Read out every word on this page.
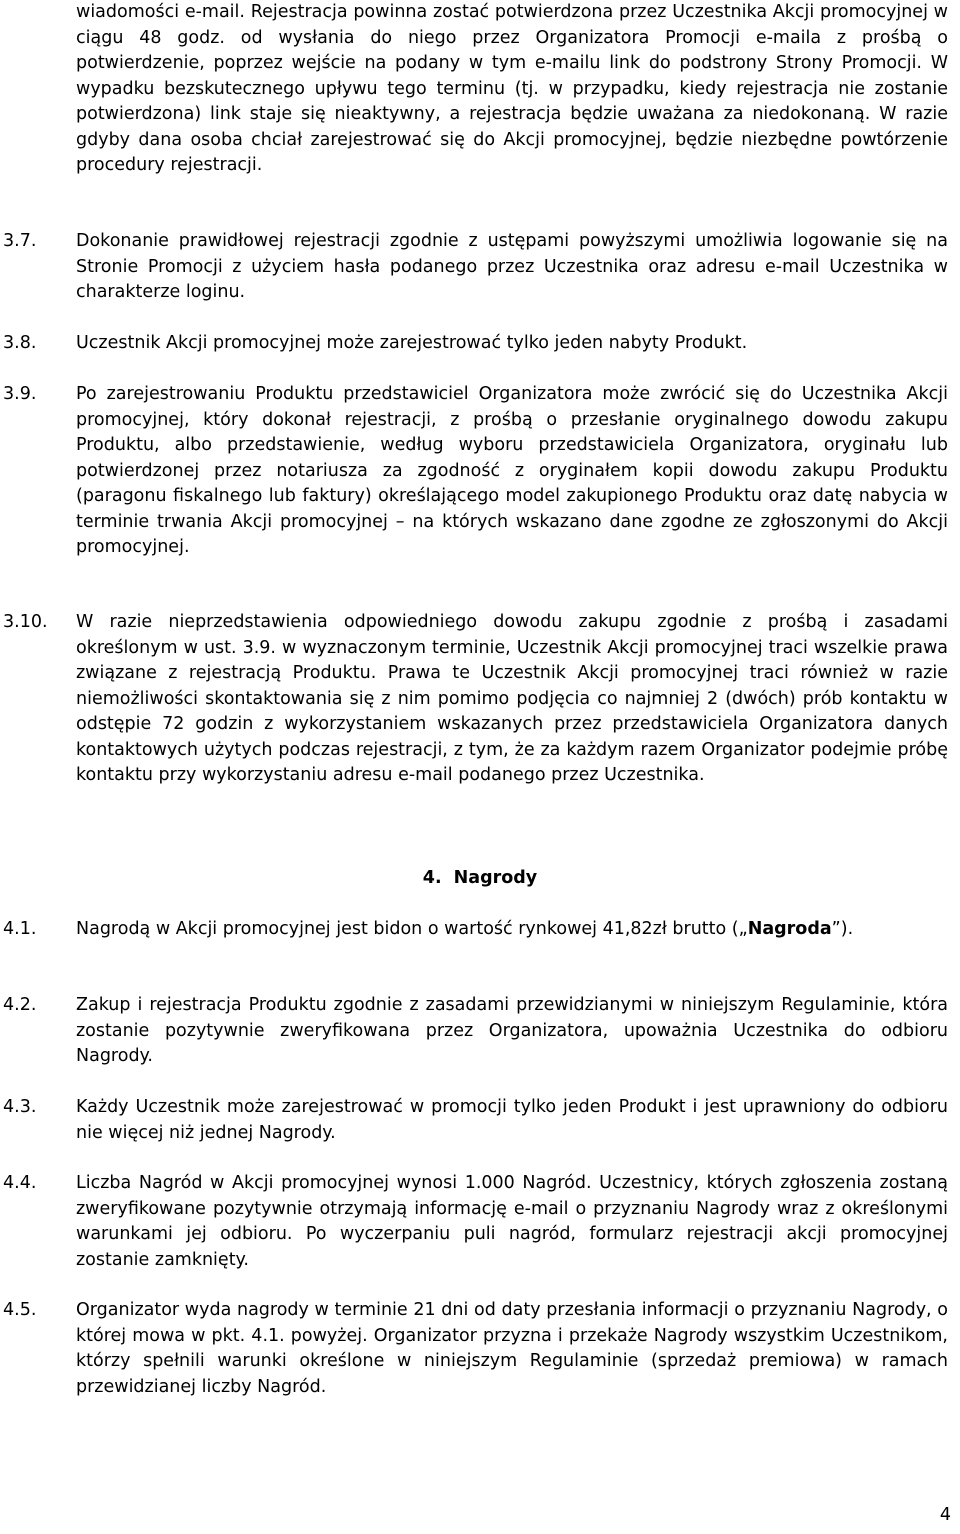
wiadomości e-mail. Rejestracja powinna zostać potwierdzona przez Uczestnika Akcji promocyjnej w ciągu 48 godz. od wysłania do niego przez Organizatora Promocji e-maila z prośbą o potwierdzenie, poprzez wejście na podany w tym e-mailu link do podstrony Strony Promocji. W wypadku bezskutecznego upływu tego terminu (tj. w przypadku, kiedy rejestracja nie zostanie potwierdzona) link staje się nieaktywny, a rejestracja będzie uważana za niedokonaną. W razie gdyby dana osoba chciał zarejestrować się do Akcji promocyjnej, będzie niezbędne powtórzenie procedury rejestracji.

3.7. Dokonanie prawidłowej rejestracji zgodnie z ustępami powyższymi umożliwia logowanie się na Stronie Promocji z użyciem hasła podanego przez Uczestnika oraz adresu e-mail Uczestnika w charakterze loginu.

3.8. Uczestnik Akcji promocyjnej może zarejestrować tylko jeden nabyty Produkt.

3.9. Po zarejestrowaniu Produktu przedstawiciel Organizatora może zwrócić się do Uczestnika Akcji promocyjnej, który dokonał rejestracji, z prośbą o przesłanie oryginalnego dowodu zakupu Produktu, albo przedstawienie, według wyboru przedstawiciela Organizatora, oryginału lub potwierdzonej przez notariusza za zgodność z oryginałem kopii dowodu zakupu Produktu (paragonu fiskalnego lub faktury) określającego model zakupionego Produktu oraz datę nabycia w terminie trwania Akcji promocyjnej – na których wskazano dane zgodne ze zgłoszonymi do Akcji promocyjnej.

3.10. W razie nieprzedstawienia odpowiedniego dowodu zakupu zgodnie z prośbą i zasadami określonym w ust. 3.9. w wyznaczonym terminie, Uczestnik Akcji promocyjnej traci wszelkie prawa związane z rejestracją Produktu. Prawa te Uczestnik Akcji promocyjnej traci również w razie niemożliwości skontaktowania się z nim pomimo podjęcia co najmniej 2 (dwóch) prób kontaktu w odstępie 72 godzin z wykorzystaniem wskazanych przez przedstawiciela Organizatora danych kontaktowych użytych podczas rejestracji, z tym, że za każdym razem Organizator podejmie próbę kontaktu przy wykorzystaniu adresu e-mail podanego przez Uczestnika.

4. Nagrody

4.1. Nagrodą w Akcji promocyjnej jest bidon o wartość rynkowej 41,82zł brutto („Nagroda”).

4.2. Zakup i rejestracja Produktu zgodnie z zasadami przewidzianymi w niniejszym Regulaminie, która zostanie pozytywnie zweryfikowana przez Organizatora, upoważnia Uczestnika do odbioru Nagrody.

4.3. Każdy Uczestnik może zarejestrować w promocji tylko jeden Produkt i jest uprawniony do odbioru nie więcej niż jednej Nagrody.

4.4. Liczba Nagród w Akcji promocyjnej wynosi 1.000 Nagród. Uczestnicy, których zgłoszenia zostaną zweryfikowane pozytywnie otrzymają informację e-mail o przyznaniu Nagrody wraz z określonymi warunkami jej odbioru. Po wyczerpaniu puli nagród, formularz rejestracji akcji promocyjnej zostanie zamknięty.

4.5. Organizator wyda nagrody w terminie 21 dni od daty przesłania informacji o przyznaniu Nagrody, o której mowa w pkt. 4.1. powyżej. Organizator przyzna i przekaże Nagrody wszystkim Uczestnikom, którzy spełnili warunki określone w niniejszym Regulaminie (sprzedaż premiowa) w ramach przewidzianej liczby Nagród.

4
